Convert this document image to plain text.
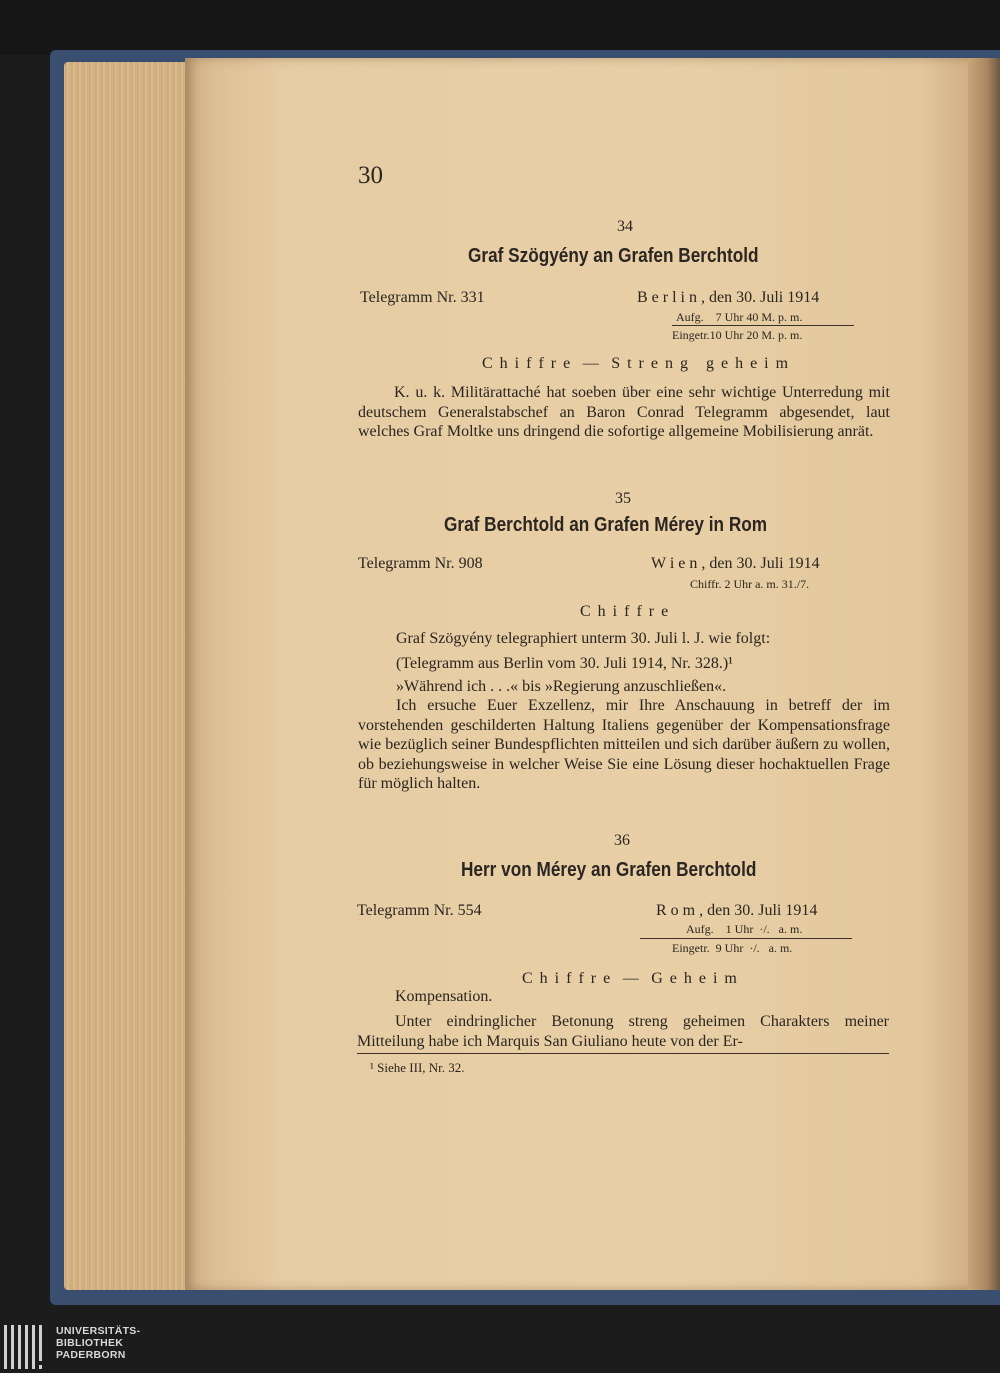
30
34
Graf Szögyény an Grafen Berchtold
Telegramm Nr. 331	B e r l i n , den 30. Juli 1914
Aufg.    7 Uhr 40 M. p. m.
Eingetr.10 Uhr 20 M. p. m.
C h i f f r e  —  S t r e n g   g e h e i m
K. u. k. Militärattaché hat soeben über eine sehr wichtige Unterredung mit deutschem Generalstabschef an Baron Conrad Telegramm abgesendet, laut welches Graf Moltke uns dringend die sofortige allgemeine Mobilisierung anrät.
35
Graf Berchtold an Grafen Mérey in Rom
Telegramm Nr. 908	W i e n , den 30. Juli 1914
Chiffr. 2 Uhr a. m. 31./7.
C h i f f r e
Graf Szögyény telegraphiert unterm 30. Juli l. J. wie folgt:
(Telegramm aus Berlin vom 30. Juli 1914, Nr. 328.)¹
»Während ich . . .« bis »Regierung anzuschließen«.
Ich ersuche Euer Exzellenz, mir Ihre Anschauung in betreff der im vorstehenden geschilderten Haltung Italiens gegenüber der Kompensationsfrage wie bezüglich seiner Bundespflichten mitteilen und sich darüber äußern zu wollen, ob beziehungsweise in welcher Weise Sie eine Lösung dieser hochaktuellen Frage für möglich halten.
36
Herr von Mérey an Grafen Berchtold
Telegramm Nr. 554	R o m , den 30. Juli 1914
Aufg.    1 Uhr  ·/.   a. m.
Eingetr.  9 Uhr  ·/.   a. m.
C h i f f r e  —  G e h e i m
Kompensation.
Unter eindringlicher Betonung streng geheimen Charakters meiner Mitteilung habe ich Marquis San Giuliano heute von der Er-
¹ Siehe III, Nr. 32.
UNIVERSITÄTS-
BIBLIOTHEK
PADERBORN
